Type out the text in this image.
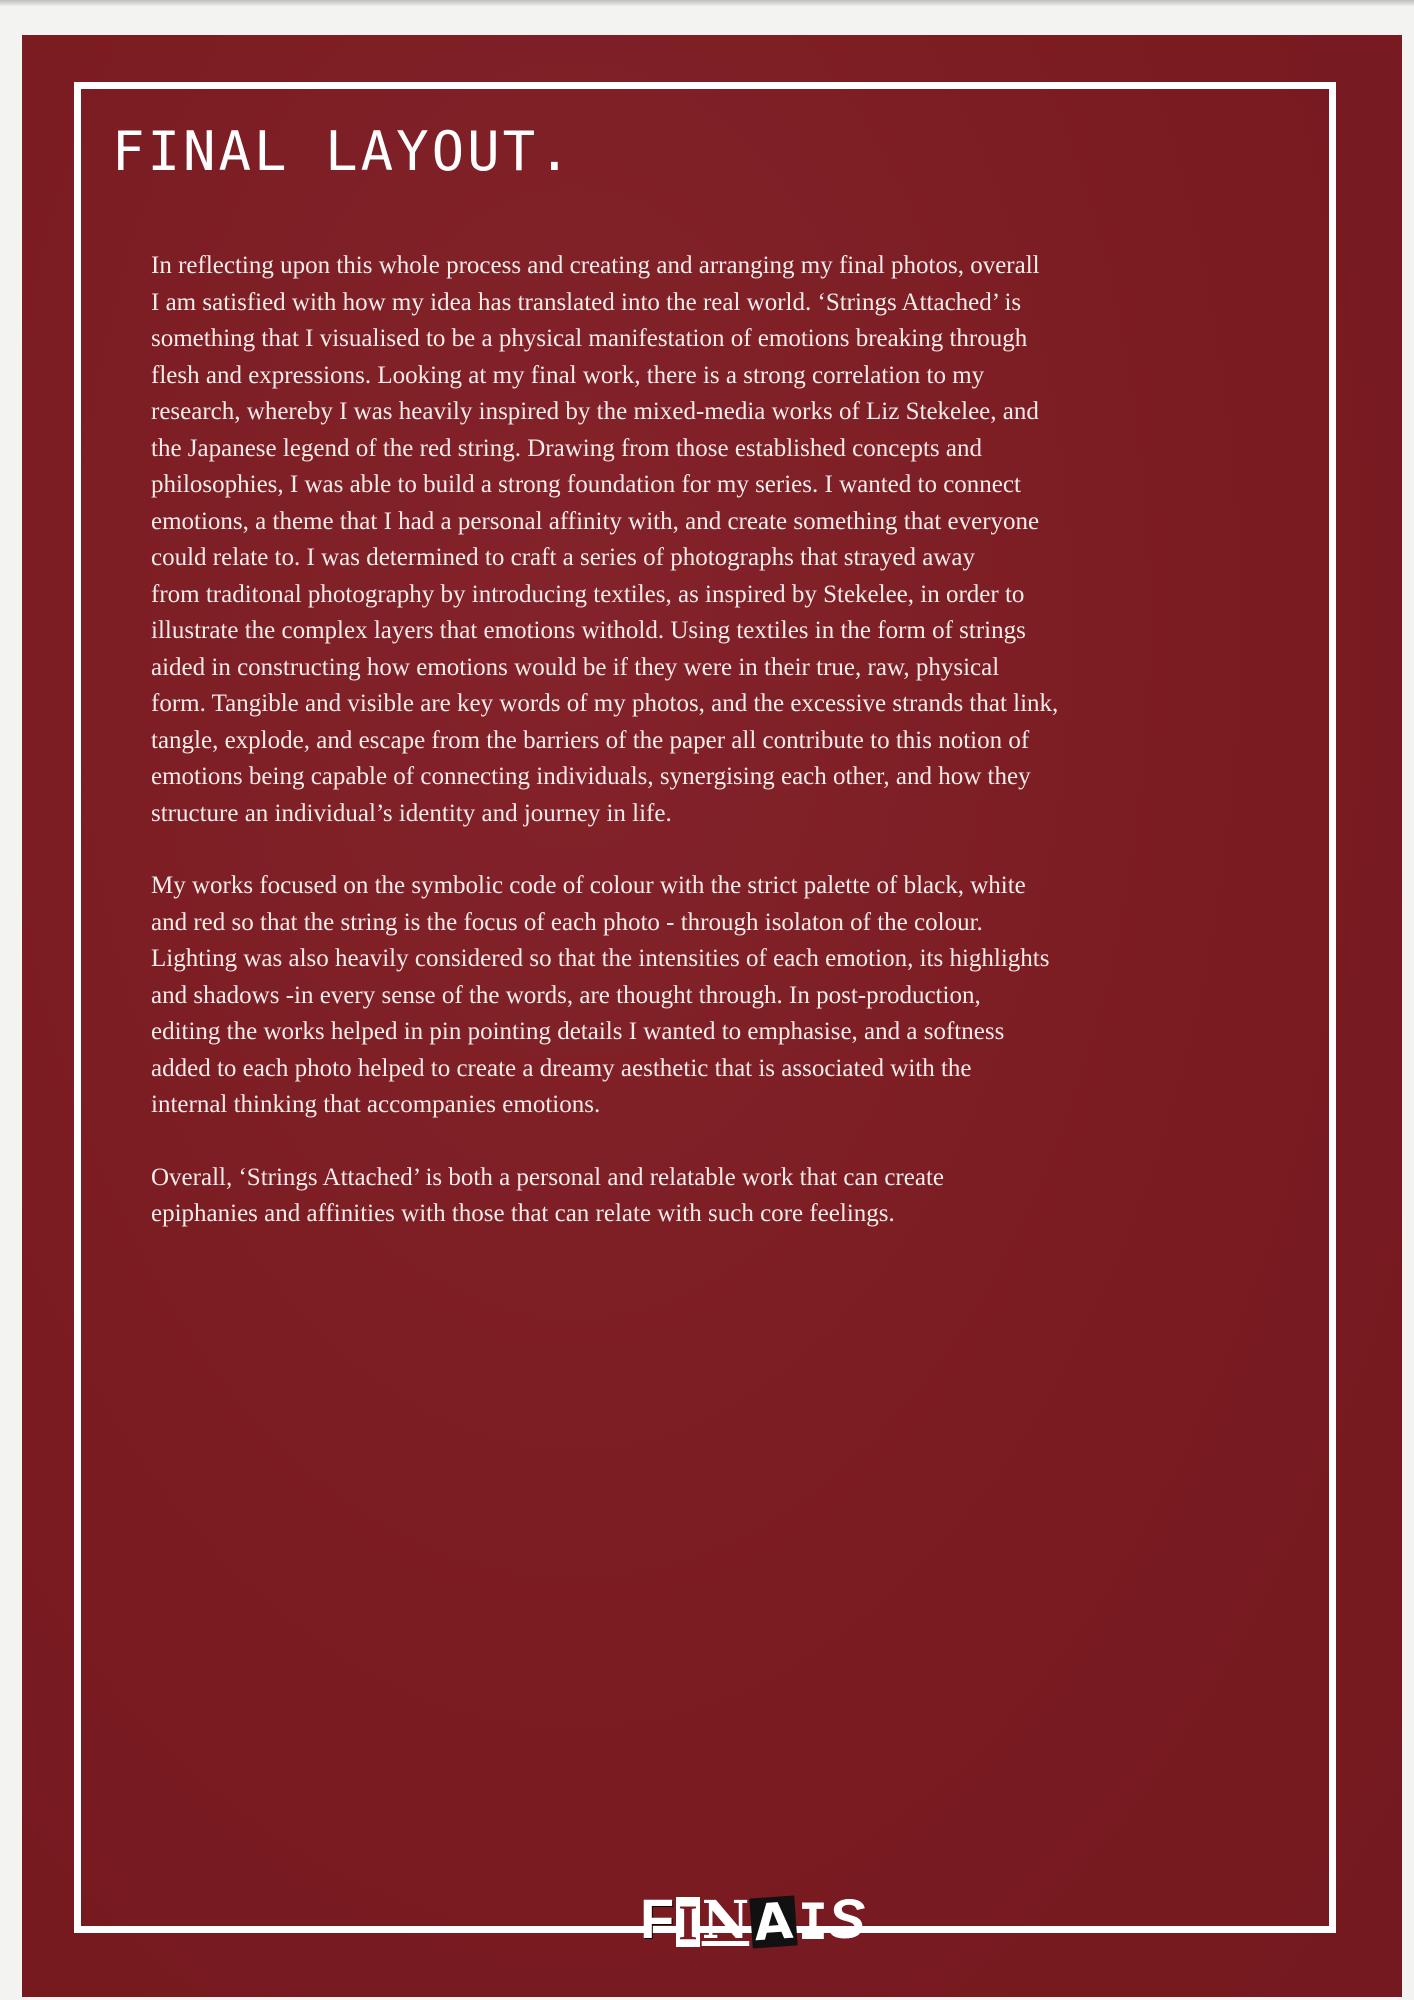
FINAL LAYOUT.

In reflecting upon this whole process and creating and arranging my final photos, overall
I am satisfied with how my idea has translated into the real world. ‘Strings Attached’ is
something that I visualised to be a physical manifestation of emotions breaking through
flesh and expressions. Looking at my final work, there is a strong correlation to my
research, whereby I was heavily inspired by the mixed-media works of Liz Stekelee, and
the Japanese legend of the red string. Drawing from those established concepts and
philosophies, I was able to build a strong foundation for my series. I wanted to connect
emotions, a theme that I had a personal affinity with, and create something that everyone
could relate to. I was determined to craft a series of photographs that strayed away
from traditonal photography by introducing textiles, as inspired by Stekelee, in order to
illustrate the complex layers that emotions withold. Using textiles in the form of strings
aided in constructing how emotions would be if they were in their true, raw, physical
form. Tangible and visible are key words of my photos, and the excessive strands that link,
tangle, explode, and escape from the barriers of the paper all contribute to this notion of
emotions being capable of connecting individuals, synergising each other, and how they
structure an individual’s identity and journey in life.

My works focused on the symbolic code of colour with the strict palette of black, white
and red so that the string is the focus of each photo - through isolaton of the colour.
Lighting was also heavily considered so that the intensities of each emotion, its highlights
and shadows -in every sense of the words, are thought through. In post-production,
editing the works helped in pin pointing details I wanted to emphasise, and a softness
added to each photo helped to create a dreamy aesthetic that is associated with the
internal thinking that accompanies emotions.

Overall, ‘Strings Attached’ is both a personal and relatable work that can create
epiphanies and affinities with those that can relate with such core feelings.

F I N A I S
